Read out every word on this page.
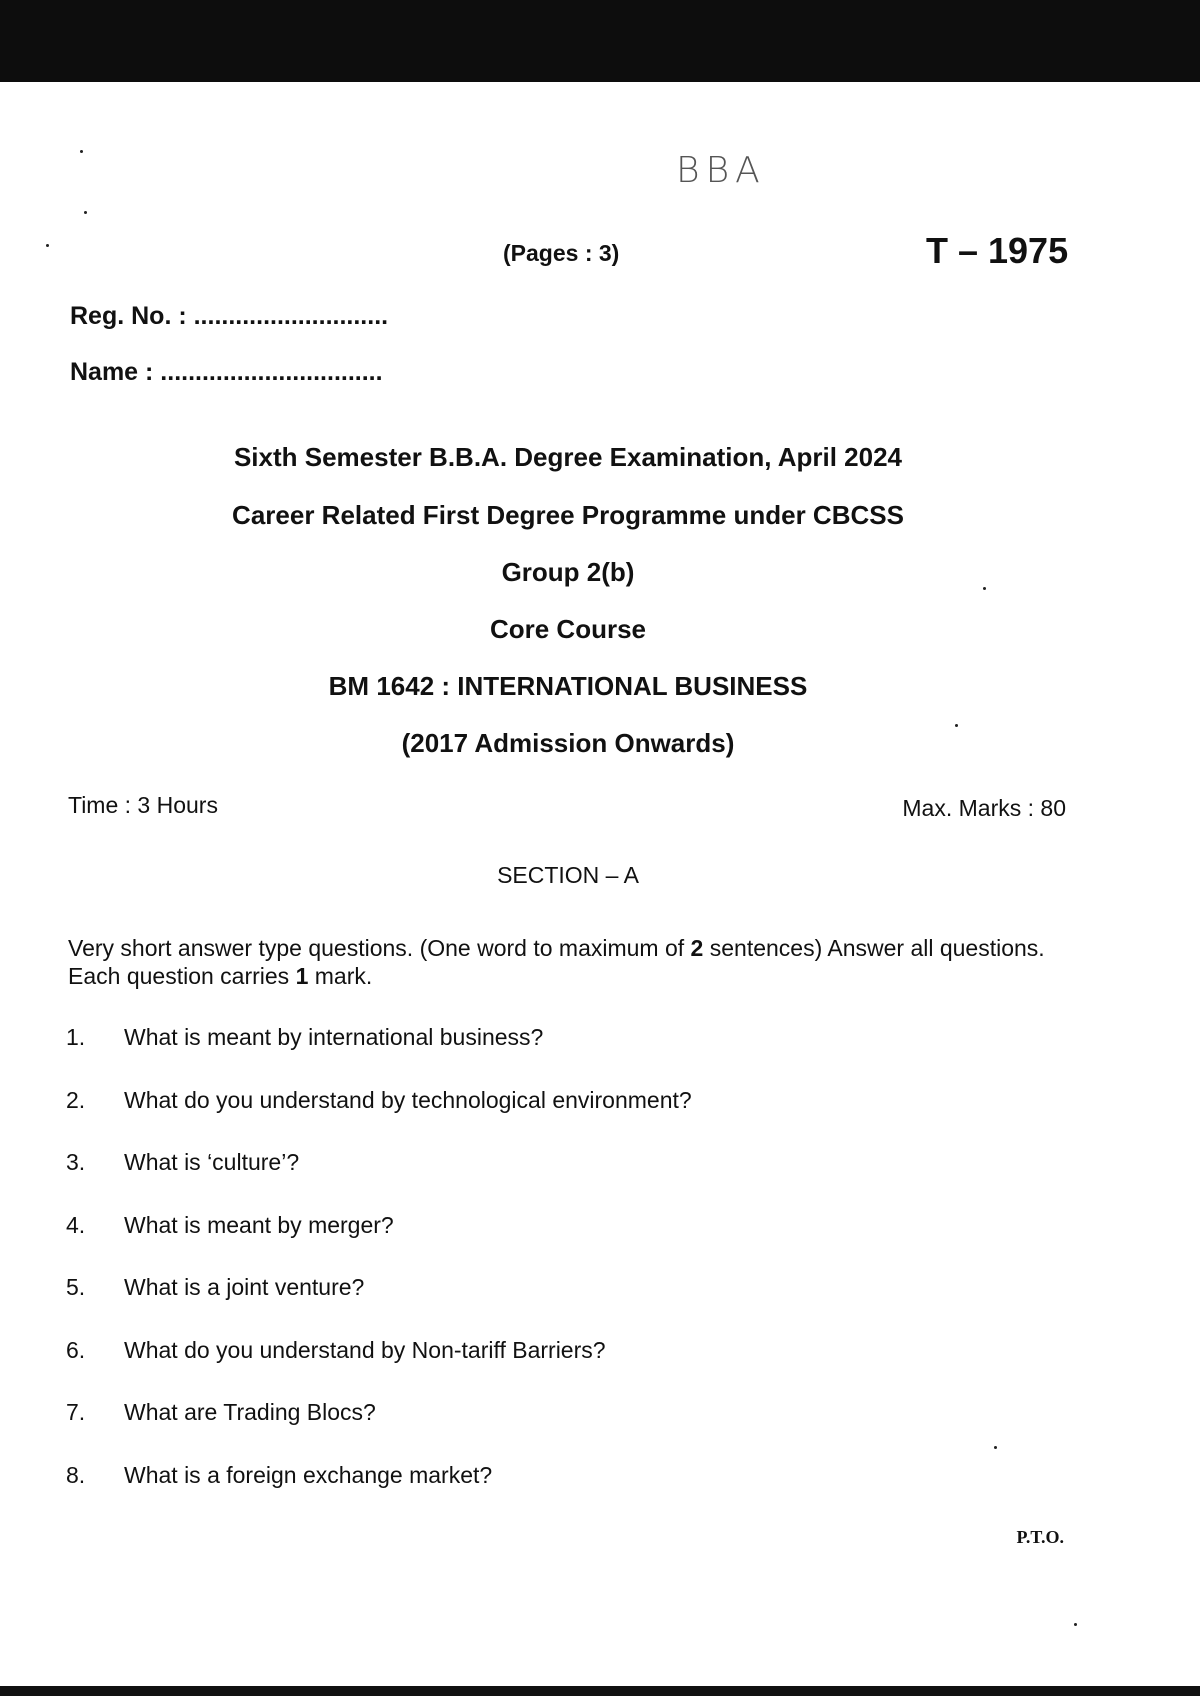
BBA
(Pages : 3)	T – 1975
Reg. No. : ............................
Name : ................................
Sixth Semester B.B.A. Degree Examination, April 2024
Career Related First Degree Programme under CBCSS
Group 2(b)
Core Course
BM 1642 : INTERNATIONAL BUSINESS
(2017 Admission Onwards)
Time : 3 Hours	Max. Marks : 80
SECTION – A
Very short answer type questions. (One word to maximum of 2 sentences) Answer all questions. Each question carries 1 mark.
1. What is meant by international business?
2. What do you understand by technological environment?
3. What is ‘culture’?
4. What is meant by merger?
5. What is a joint venture?
6. What do you understand by Non-tariff Barriers?
7. What are Trading Blocs?
8. What is a foreign exchange market?
P.T.O.
